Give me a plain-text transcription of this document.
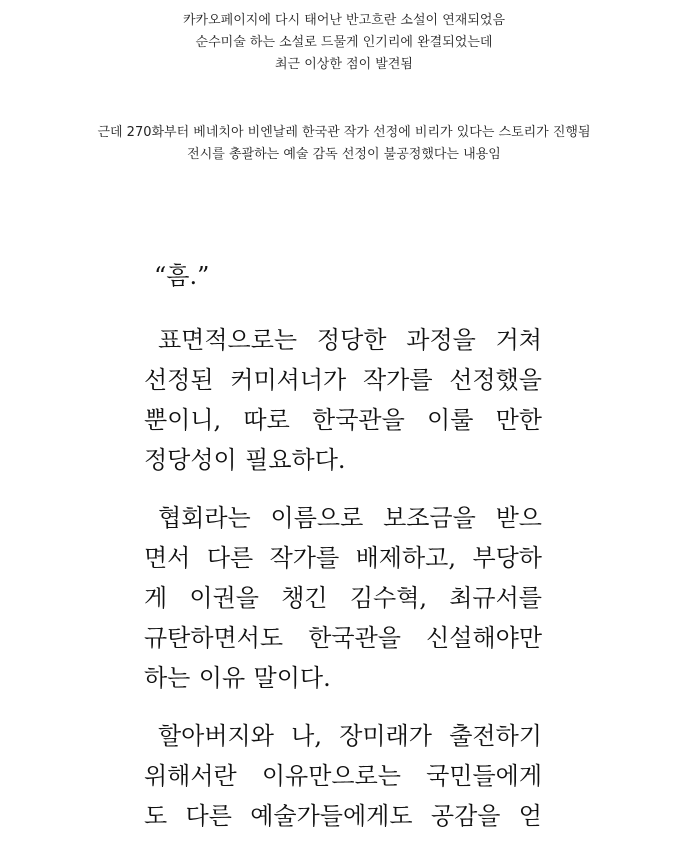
카카오페이지에 다시 태어난 반고흐란 소설이 연재되었음
순수미술 하는 소설로 드물게 인기리에 완결되었는데
최근 이상한 점이 발견됨
근데 270화부터 베네치아 비엔날레 한국관 작가 선정에 비리가 있다는 스토리가 진행됨
전시를 총괄하는 예술 감독 선정이 불공정했다는 내용임
“흠.”
표면적으로는 정당한 과정을 거쳐
선정된 커미셔너가 작가를 선정했을
뿐이니, 따로 한국관을 이룰 만한
정당성이 필요하다.
협회라는 이름으로 보조금을 받으
면서 다른 작가를 배제하고, 부당하
게 이권을 챙긴 김수혁, 최규서를
규탄하면서도 한국관을 신설해야만
하는 이유 말이다.
할아버지와 나, 장미래가 출전하기
위해서란 이유만으로는 국민들에게
도 다른 예술가들에게도 공감을 얻
